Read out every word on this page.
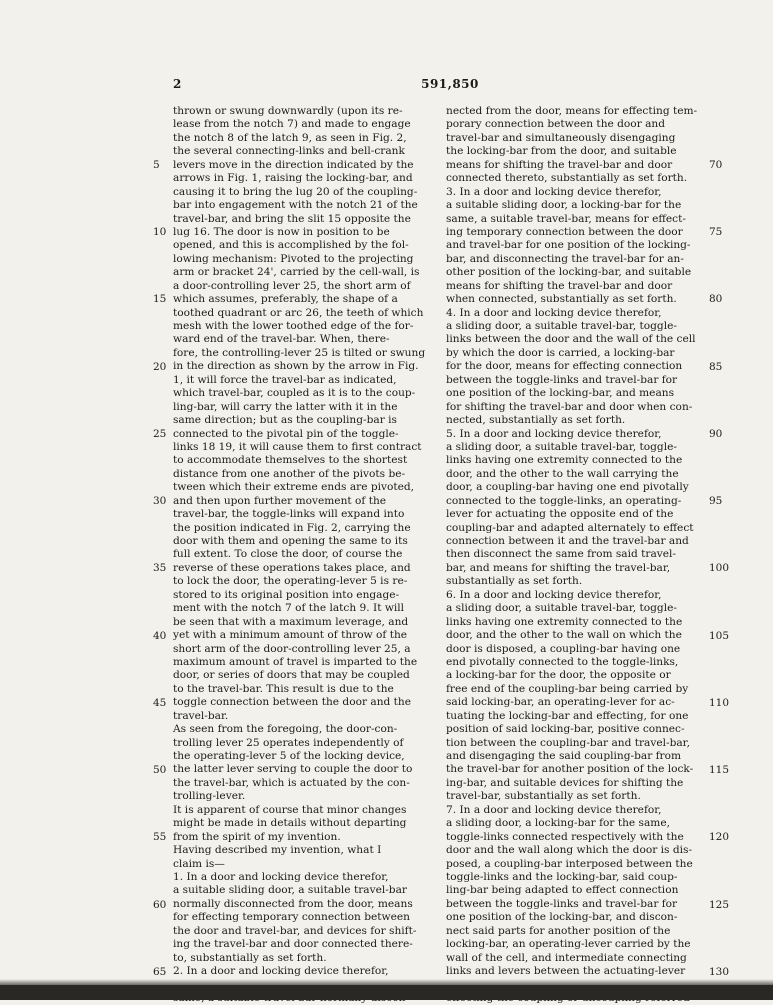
2	591,850
thrown or swung downwardly (upon its re-
lease from the notch 7) and made to engage
the notch 8 of the latch 9, as seen in Fig. 2,
the several connecting-links and bell-crank
levers move in the direction indicated by the
arrows in Fig. 1, raising the locking-bar, and
causing it to bring the lug 20 of the coupling-
bar into engagement with the notch 21 of the
travel-bar, and bring the slit 15 opposite the
lug 16. The door is now in position to be
opened, and this is accomplished by the fol-
lowing mechanism: Pivoted to the projecting
arm or bracket 24', carried by the cell-wall, is
a door-controlling lever 25, the short arm of
which assumes, preferably, the shape of a
toothed quadrant or arc 26, the teeth of which
mesh with the lower toothed edge of the for-
ward end of the travel-bar. When, there-
fore, the controlling-lever 25 is tilted or swung
in the direction as shown by the arrow in Fig.
1, it will force the travel-bar as indicated,
which travel-bar, coupled as it is to the coup-
ling-bar, will carry the latter with it in the
same direction; but as the coupling-bar is
connected to the pivotal pin of the toggle-
links 18 19, it will cause them to first contract
to accommodate themselves to the shortest
distance from one another of the pivots be-
tween which their extreme ends are pivoted,
and then upon further movement of the
travel-bar, the toggle-links will expand into
the position indicated in Fig. 2, carrying the
door with them and opening the same to its
full extent. To close the door, of course the
reverse of these operations takes place, and
to lock the door, the operating-lever 5 is re-
stored to its original position into engage-
ment with the notch 7 of the latch 9. It will
be seen that with a maximum leverage, and
yet with a minimum amount of throw of the
short arm of the door-controlling lever 25, a
maximum amount of travel is imparted to the
door, or series of doors that may be coupled
to the travel-bar. This result is due to the
toggle connection between the door and the
travel-bar.
As seen from the foregoing, the door-con-
trolling lever 25 operates independently of
the operating-lever 5 of the locking device,
the latter lever serving to couple the door to
the travel-bar, which is actuated by the con-
trolling-lever.
It is apparent of course that minor changes
might be made in details without departing
from the spirit of my invention.
Having described my invention, what I
claim is—
1. In a door and locking device therefor,
a suitable sliding door, a suitable travel-bar
normally disconnected from the door, means
for effecting temporary connection between
the door and travel-bar, and devices for shift-
ing the travel-bar and door connected there-
to, substantially as set forth.
2. In a door and locking device therefor,
nected from the door, means for effecting tem-
porary connection between the door and
travel-bar and simultaneously disengaging
the locking-bar from the door, and suitable
means for shifting the travel-bar and door
connected thereto, substantially as set forth.
3. In a door and locking device therefor,
a suitable sliding door, a locking-bar for the
same, a suitable travel-bar, means for effect-
ing temporary connection between the door
and travel-bar for one position of the locking-
bar, and disconnecting the travel-bar for an-
other position of the locking-bar, and suitable
means for shifting the travel-bar and door
when connected, substantially as set forth.
4. In a door and locking device therefor,
a sliding door, a suitable travel-bar, toggle-
links between the door and the wall of the cell
by which the door is carried, a locking-bar
for the door, means for effecting connection
between the toggle-links and travel-bar for
one position of the locking-bar, and means
for shifting the travel-bar and door when con-
nected, substantially as set forth.
5. In a door and locking device therefor,
a sliding door, a suitable travel-bar, toggle-
links having one extremity connected to the
door, and the other to the wall carrying the
door, a coupling-bar having one end pivotally
connected to the toggle-links, an operating-
lever for actuating the opposite end of the
coupling-bar and adapted alternately to effect
connection between it and the travel-bar and
then disconnect the same from said travel-
bar, and means for shifting the travel-bar,
substantially as set forth.
6. In a door and locking device therefor,
a sliding door, a suitable travel-bar, toggle-
links having one extremity connected to the
door, and the other to the wall on which the
door is disposed, a coupling-bar having one
end pivotally connected to the toggle-links,
a locking-bar for the door, the opposite or
free end of the coupling-bar being carried by
said locking-bar, an operating-lever for ac-
tuating the locking-bar and effecting, for one
position of said locking-bar, positive connec-
tion between the coupling-bar and travel-bar,
and disengaging the said coupling-bar from
the travel-bar for another position of the lock-
ing-bar, and suitable devices for shifting the
travel-bar, substantially as set forth.
7. In a door and locking device therefor,
a sliding door, a locking-bar for the same,
toggle-links connected respectively with the
door and the wall along which the door is dis-
posed, a coupling-bar interposed between the
toggle-links and the locking-bar, said coup-
ling-bar being adapted to effect connection
between the toggle-links and travel-bar for
one position of the locking-bar, and discon-
nect said parts for another position of the
locking-bar, an operating-lever carried by the
wall of the cell, and intermediate connecting
links and levers between the actuating-lever
5
10
15
20
25
30
35
40
45
50
55
60
65
70
75
80
85
90
95
100
105
110
115
120
125
130
